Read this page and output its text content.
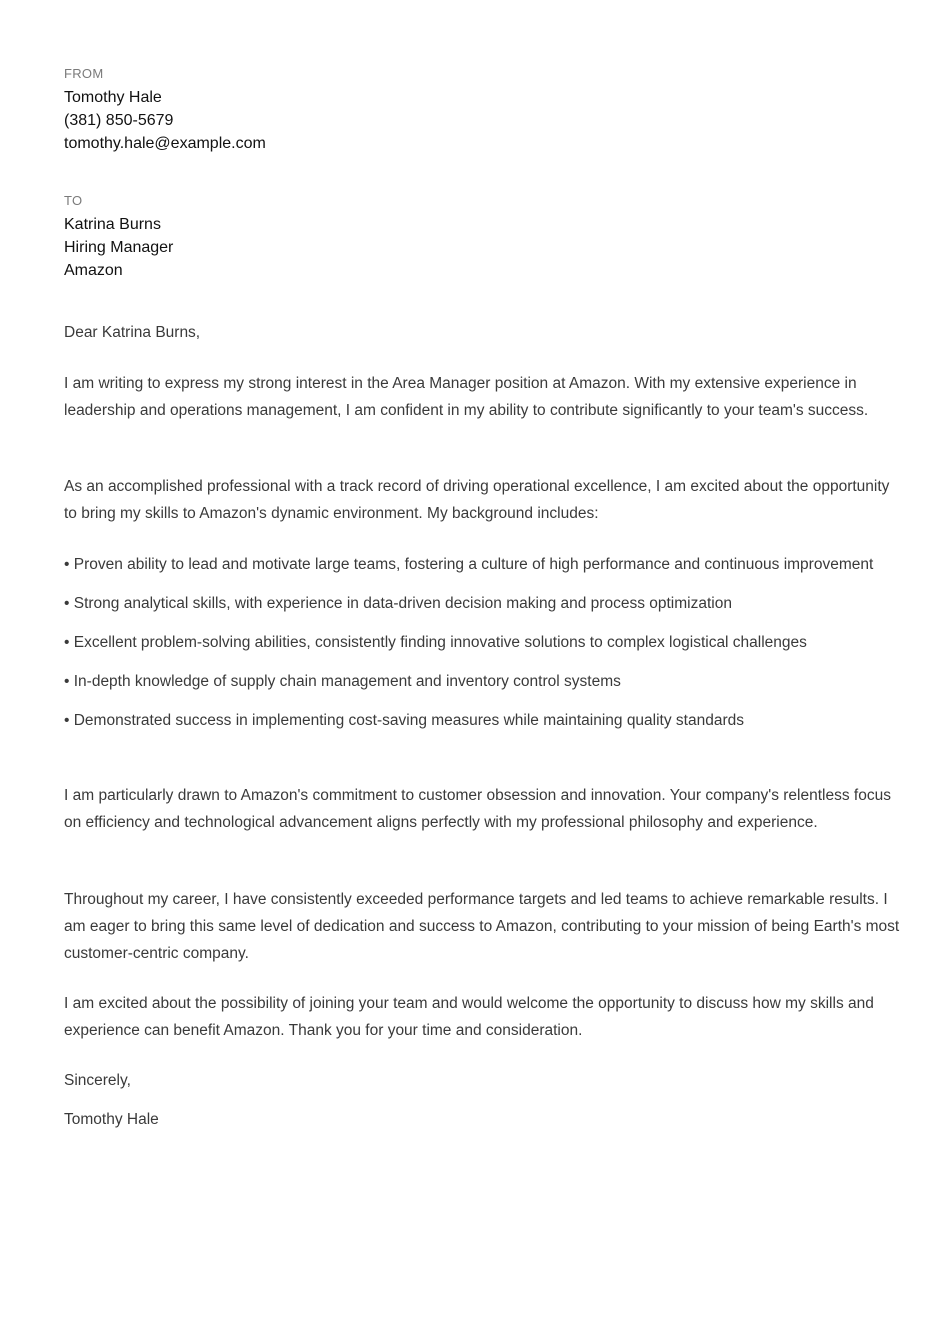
FROM
Tomothy Hale
(381) 850-5679
tomothy.hale@example.com
TO
Katrina Burns
Hiring Manager
Amazon

Dear Katrina Burns,

I am writing to express my strong interest in the Area Manager position at Amazon. With my extensive experience in leadership and operations management, I am confident in my ability to contribute significantly to your team's success.

As an accomplished professional with a track record of driving operational excellence, I am excited about the opportunity to bring my skills to Amazon's dynamic environment. My background includes:

• Proven ability to lead and motivate large teams, fostering a culture of high performance and continuous improvement
• Strong analytical skills, with experience in data-driven decision making and process optimization
• Excellent problem-solving abilities, consistently finding innovative solutions to complex logistical challenges
• In-depth knowledge of supply chain management and inventory control systems
• Demonstrated success in implementing cost-saving measures while maintaining quality standards

I am particularly drawn to Amazon's commitment to customer obsession and innovation. Your company's relentless focus on efficiency and technological advancement aligns perfectly with my professional philosophy and experience.

Throughout my career, I have consistently exceeded performance targets and led teams to achieve remarkable results. I am eager to bring this same level of dedication and success to Amazon, contributing to your mission of being Earth's most customer-centric company.

I am excited about the possibility of joining your team and would welcome the opportunity to discuss how my skills and experience can benefit Amazon. Thank you for your time and consideration.

Sincerely,

Tomothy Hale
